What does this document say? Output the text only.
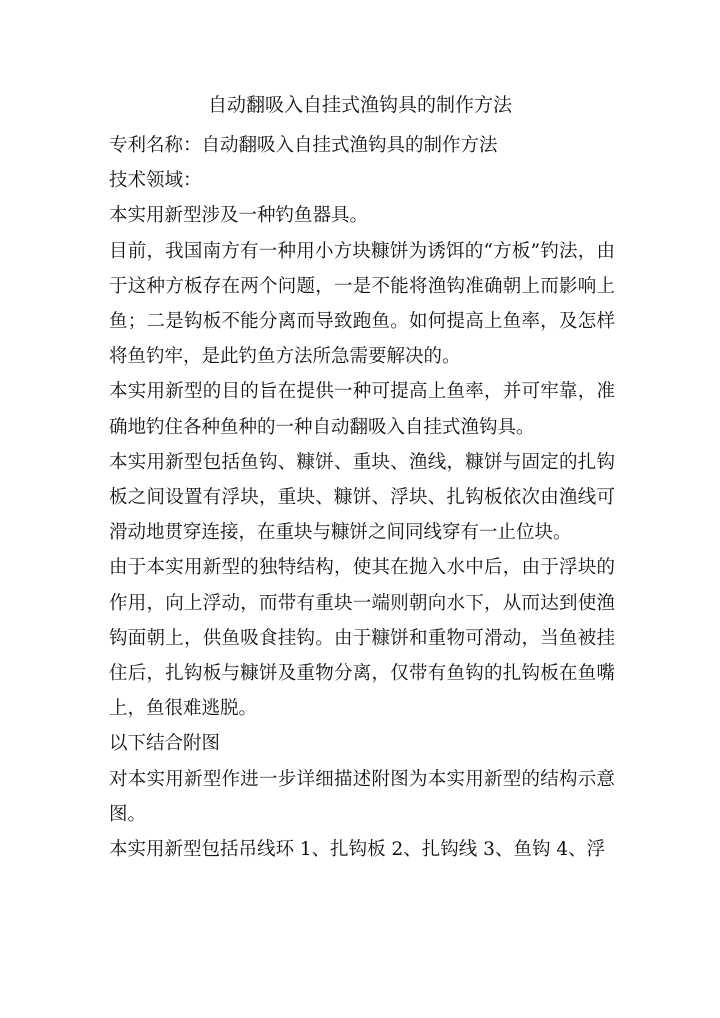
自动翻吸入自挂式渔钩具的制作方法

专利名称：自动翻吸入自挂式渔钩具的制作方法

技术领域：

本实用新型涉及一种钓鱼器具。

目前，我国南方有一种用小方块糠饼为诱饵的“方板”钓法，由于这种方板存在两个问题，一是不能将渔钩准确朝上而影响上鱼；二是钩板不能分离而导致跑鱼。如何提高上鱼率，及怎样将鱼钓牢，是此钓鱼方法所急需要解决的。

本实用新型的目的旨在提供一种可提高上鱼率，并可牢靠，准确地钓住各种鱼种的一种自动翻吸入自挂式渔钩具。

本实用新型包括鱼钩、糠饼、重块、渔线，糠饼与固定的扎钩板之间设置有浮块，重块、糠饼、浮块、扎钩板依次由渔线可滑动地贯穿连接，在重块与糠饼之间同线穿有一止位块。

由于本实用新型的独特结构，使其在抛入水中后，由于浮块的作用，向上浮动，而带有重块一端则朝向水下，从而达到使渔钩面朝上，供鱼吸食挂钩。由于糠饼和重物可滑动，当鱼被挂住后，扎钩板与糠饼及重物分离，仅带有鱼钩的扎钩板在鱼嘴上，鱼很难逃脱。

以下结合附图

对本实用新型作进一步详细描述附图为本实用新型的结构示意图。

本实用新型包括吊线环 1、扎钩板 2、扎钩线 3、鱼钩 4、浮
